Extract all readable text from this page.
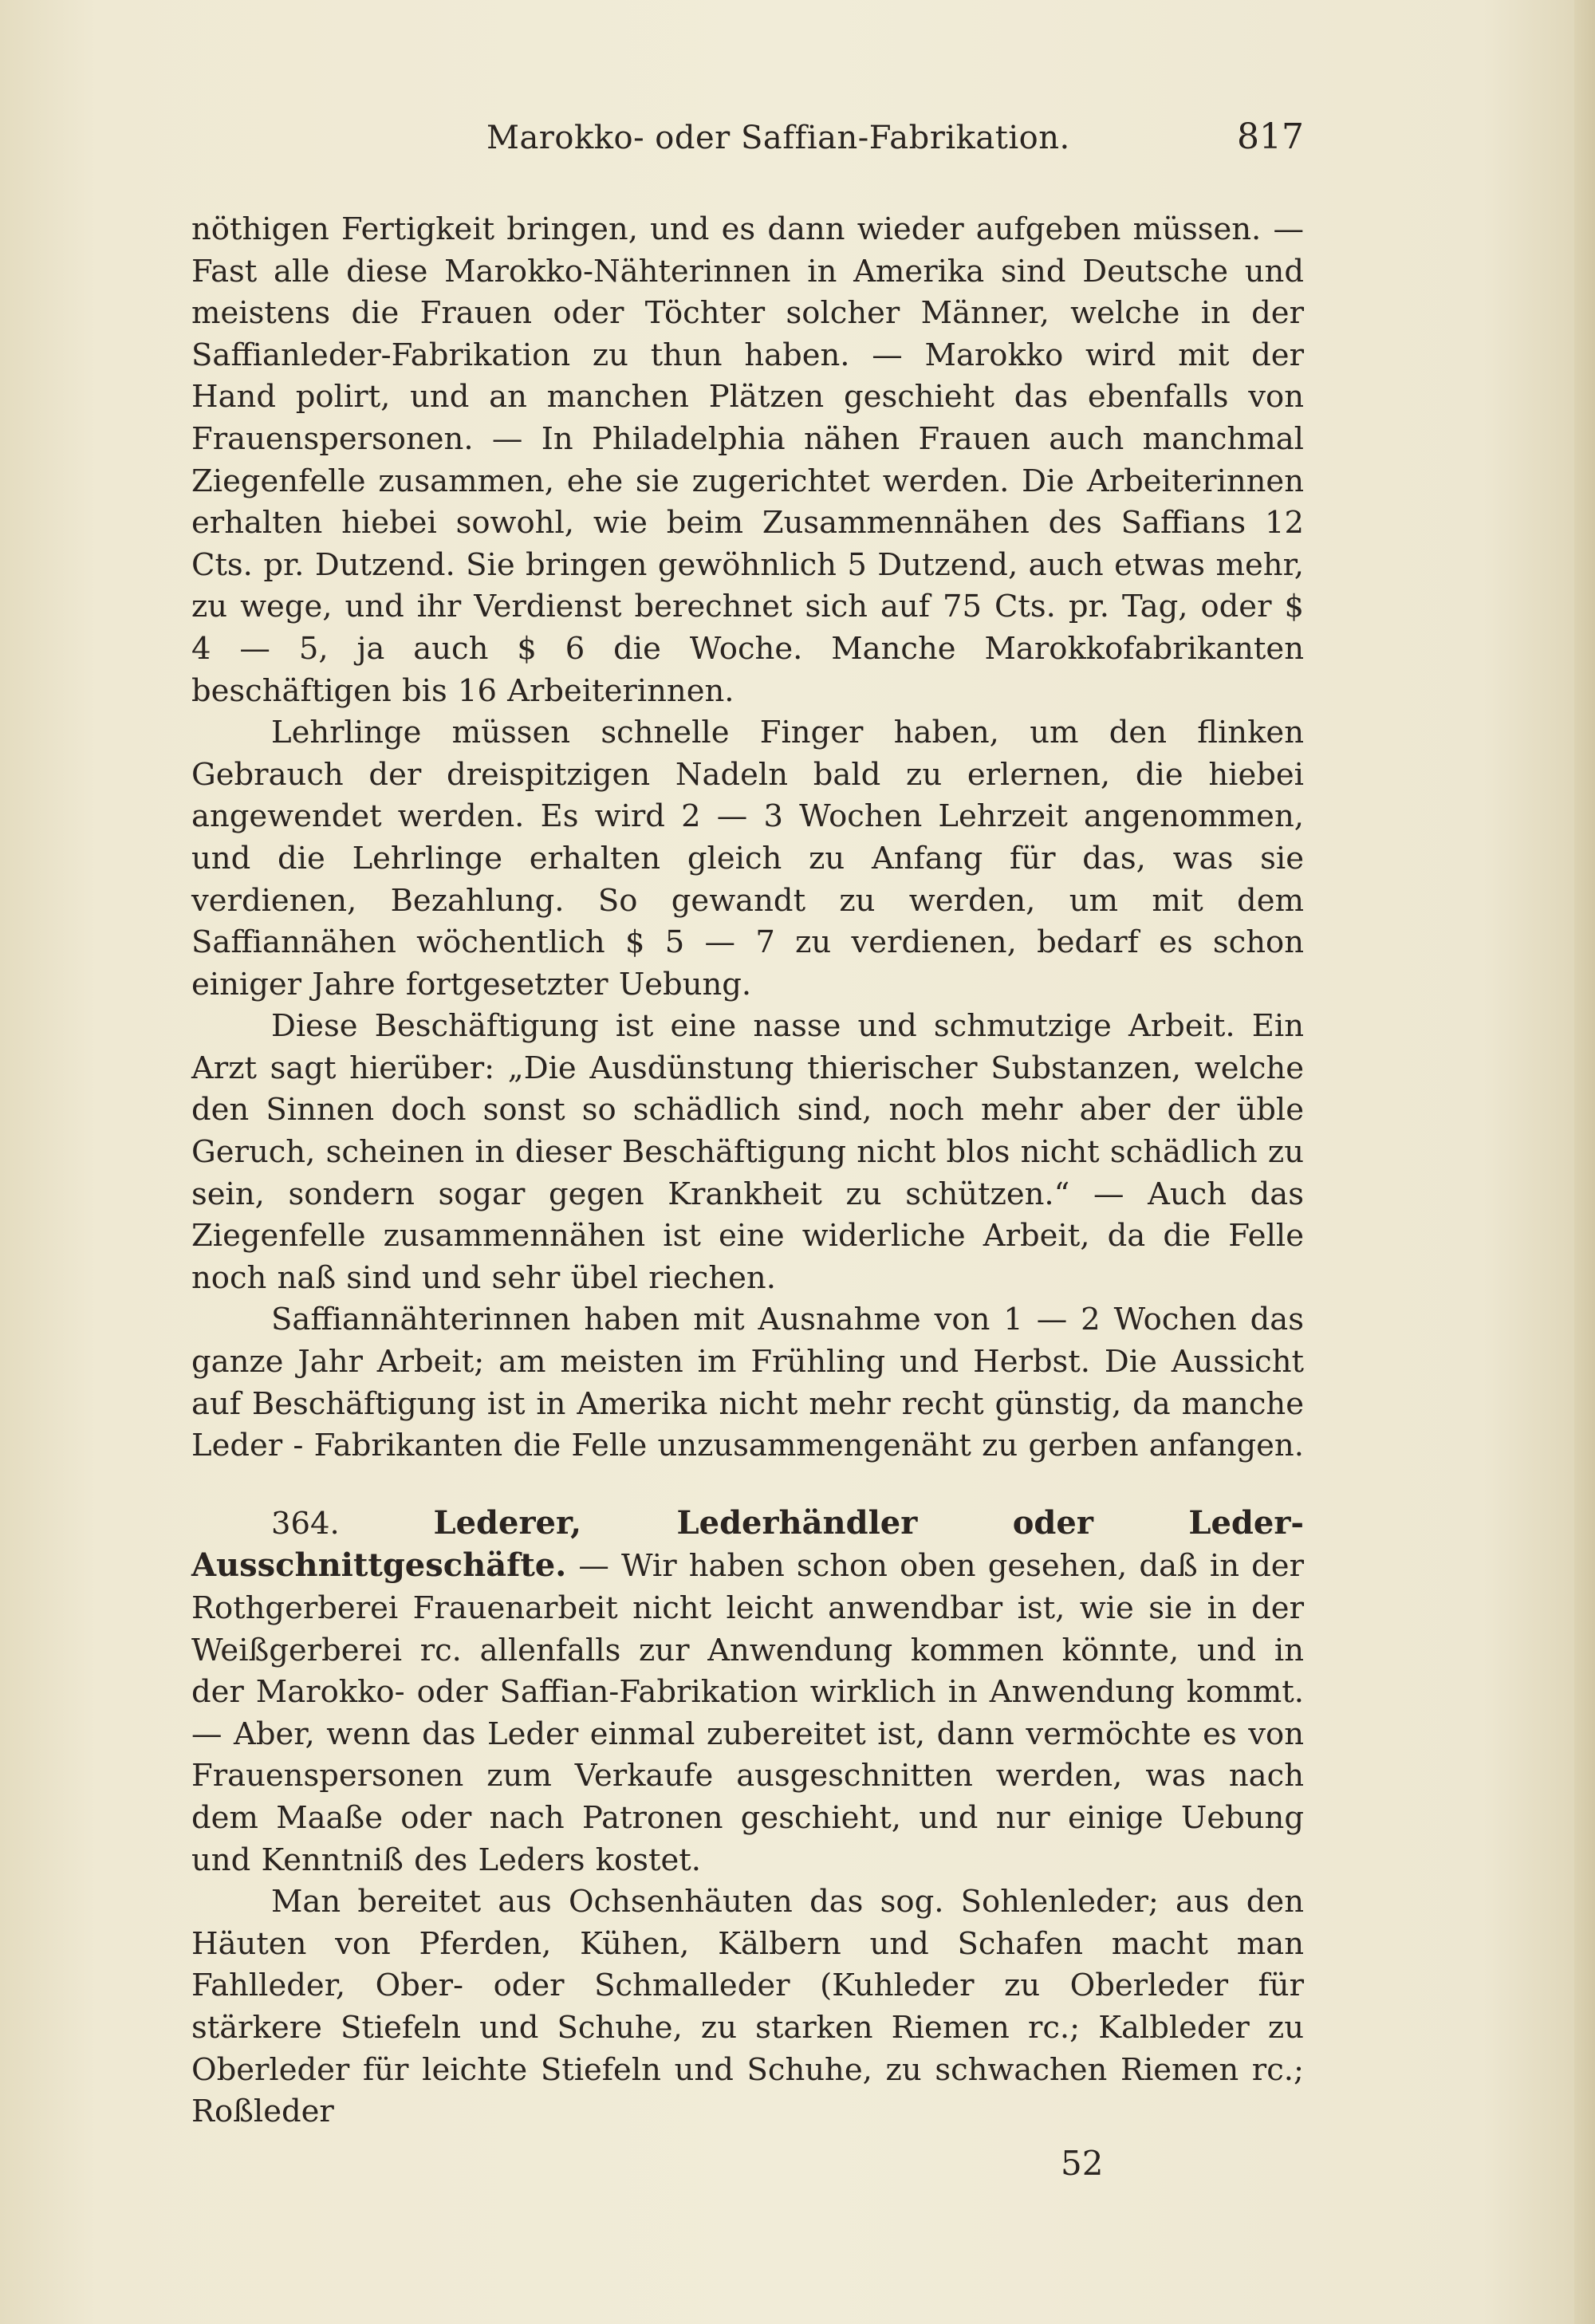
Marokko- oder Saffian-Fabrikation.	817

nöthigen Fertigkeit bringen, und es dann wieder aufgeben müssen. — Fast alle diese Marokko-Nähterinnen in Amerika sind Deutsche und meistens die Frauen oder Töchter solcher Männer, welche in der Saffianleder-Fabrikation zu thun haben. — Marokko wird mit der Hand polirt, und an manchen Plätzen geschieht das ebenfalls von Frauenspersonen. — In Philadelphia nähen Frauen auch manchmal Ziegenfelle zusammen, ehe sie zugerichtet werden. Die Arbeiterinnen erhalten hiebei sowohl, wie beim Zusammennähen des Saffians 12 Cts. pr. Dutzend. Sie bringen gewöhnlich 5 Dutzend, auch etwas mehr, zu wege, und ihr Verdienst berechnet sich auf 75 Cts. pr. Tag, oder $ 4 — 5, ja auch $ 6 die Woche. Manche Marokkofabrikanten beschäftigen bis 16 Arbeiterinnen.

Lehrlinge müssen schnelle Finger haben, um den flinken Gebrauch der dreispitzigen Nadeln bald zu erlernen, die hiebei angewendet werden. Es wird 2 — 3 Wochen Lehrzeit angenommen, und die Lehrlinge erhalten gleich zu Anfang für das, was sie verdienen, Bezahlung. So gewandt zu werden, um mit dem Saffiannähen wöchentlich $ 5 — 7 zu verdienen, bedarf es schon einiger Jahre fortgesetzter Uebung.

Diese Beschäftigung ist eine nasse und schmutzige Arbeit. Ein Arzt sagt hierüber: „Die Ausdünstung thierischer Substanzen, welche den Sinnen doch sonst so schädlich sind, noch mehr aber der üble Geruch, scheinen in dieser Beschäftigung nicht blos nicht schädlich zu sein, sondern sogar gegen Krankheit zu schützen.“ — Auch das Ziegenfelle zusammennähen ist eine widerliche Arbeit, da die Felle noch naß sind und sehr übel riechen.

Saffiannähterinnen haben mit Ausnahme von 1 — 2 Wochen das ganze Jahr Arbeit; am meisten im Frühling und Herbst. Die Aussicht auf Beschäftigung ist in Amerika nicht mehr recht günstig, da manche Leder - Fabrikanten die Felle unzusammengenäht zu gerben anfangen.

364.	Lederer, Lederhändler oder Leder-Ausschnittgeschäfte. — Wir haben schon oben gesehen, daß in der Rothgerberei Frauenarbeit nicht leicht anwendbar ist, wie sie in der Weißgerberei rc. allenfalls zur Anwendung kommen könnte, und in der Marokko- oder Saffian-Fabrikation wirklich in Anwendung kommt. — Aber, wenn das Leder einmal zubereitet ist, dann vermöchte es von Frauenspersonen zum Verkaufe ausgeschnitten werden, was nach dem Maaße oder nach Patronen geschieht, und nur einige Uebung und Kenntniß des Leders kostet.

Man bereitet aus Ochsenhäuten das sog. Sohlenleder; aus den Häuten von Pferden, Kühen, Kälbern und Schafen macht man Fahlleder, Ober- oder Schmalleder (Kuhleder zu Oberleder für stärkere Stiefeln und Schuhe, zu starken Riemen rc.; Kalbleder zu Oberleder für leichte Stiefeln und Schuhe, zu schwachen Riemen rc.; Roßleder

52
